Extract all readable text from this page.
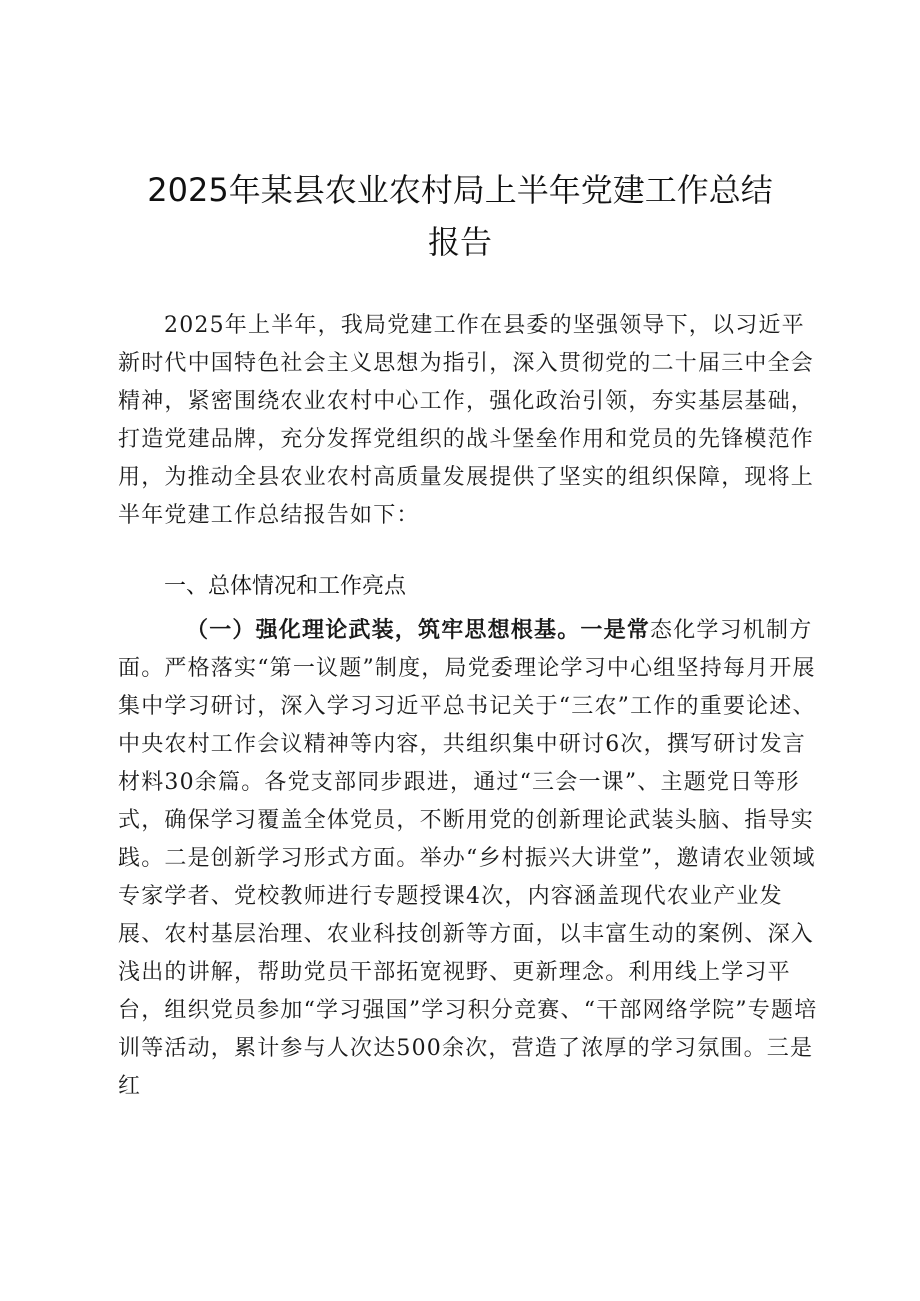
2025年某县农业农村局上半年党建工作总结
报告

2025年上半年，我局党建工作在县委的坚强领导下，以习近平新时代中国特色社会主义思想为指引，深入贯彻党的二十届三中全会精神，紧密围绕农业农村中心工作，强化政治引领，夯实基层基础，打造党建品牌，充分发挥党组织的战斗堡垒作用和党员的先锋模范作用，为推动全县农业农村高质量发展提供了坚实的组织保障，现将上半年党建工作总结报告如下：

一、总体情况和工作亮点

（一）强化理论武装，筑牢思想根基。一是常态化学习机制方面。严格落实“第一议题”制度，局党委理论学习中心组坚持每月开展集中学习研讨，深入学习习近平总书记关于“三农”工作的重要论述、中央农村工作会议精神等内容，共组织集中研讨6次，撰写研讨发言材料30余篇。各党支部同步跟进，通过“三会一课”、主题党日等形式，确保学习覆盖全体党员，不断用党的创新理论武装头脑、指导实践。二是创新学习形式方面。举办“乡村振兴大讲堂”，邀请农业领域专家学者、党校教师进行专题授课4次，内容涵盖现代农业产业发展、农村基层治理、农业科技创新等方面，以丰富生动的案例、深入浅出的讲解，帮助党员干部拓宽视野、更新理念。利用线上学习平台，组织党员参加“学习强国”学习积分竞赛、“干部网络学院”专题培训等活动，累计参与人次达500余次，营造了浓厚的学习氛围。三是红
